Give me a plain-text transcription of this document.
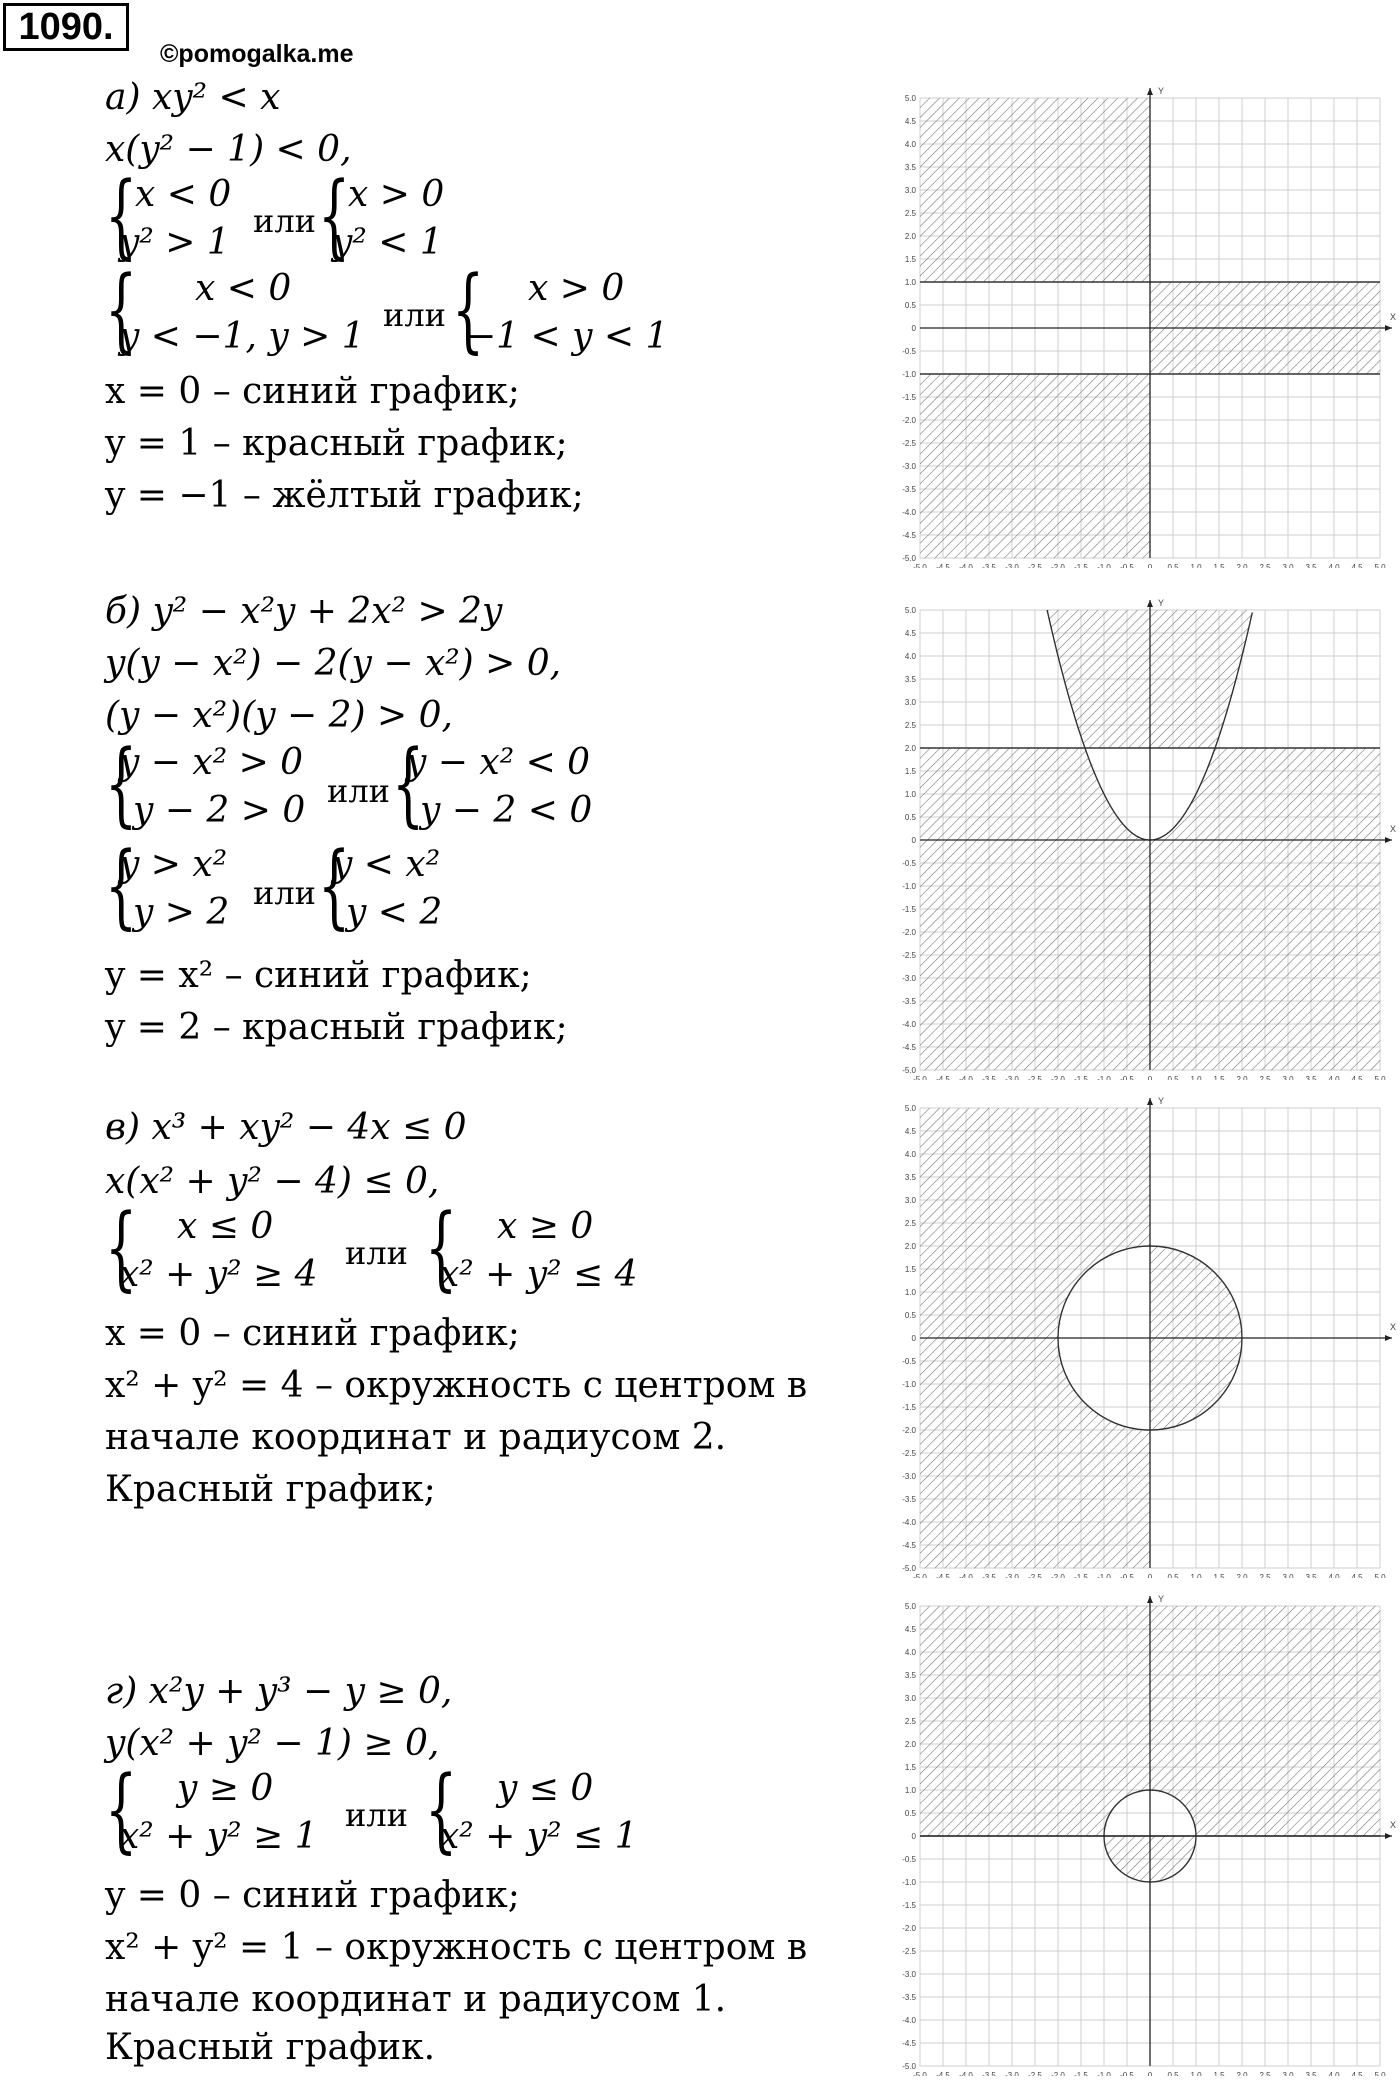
1090.
©pomogalka.me
а) xy² < x
x(y² − 1) < 0,
{
x < 0
y² > 1
или {
x > 0
y² < 1
{ x < 0
y < −1, y > 1
или { x > 0
−1 < y < 1
x = 0 – синий график;
y = 1 – красный график;
y = −1 – жёлтый график;
б) y² − x²y + 2x² > 2y
y(y − x²) − 2(y − x²) > 0,
(y − x²)(y − 2) > 0,
{
y − x² > 0
y − 2 > 0 или {
y − x² < 0
y − 2 < 0
{
y > x²
y > 2 или {
y < x²
y < 2
y = x² – синий график;
y = 2 – красный график;
в) x³ + xy² − 4x ≤ 0
x(x² + y² − 4) ≤ 0,
{ x ≤ 0
x² + y² ≥ 4
или { x ≥ 0
x² + y² ≤ 4
x = 0 – синий график;
x² + y² = 4 – окружность с центром в
начале координат и радиусом 2.
Красный график;
г) x²y + y³ − y ≥ 0,
y(x² + y² − 1) ≥ 0,
{ y ≥ 0
x² + y² ≥ 1
или { y ≤ 0
x² + y² ≤ 1
y = 0 – синий график;
x² + y² = 1 – окружность с центром в
начале координат и радиусом 1.
Красный график.
X
Y
-5.0
-5.0
-4.5
-4.5
-4.0
-4.0
-3.5
-3.5
-3.0
-3.0
-2.5
-2.5
-2.0
-2.0
-1.5
-1.5
-1.0
-1.0
-0.5
-0.5
0
0
0.5
0.5
1.0
1.0
1.5
1.5
2.0
2.0
2.5
2.5
3.0
3.0
3.5
3.5
4.0
4.0
4.5
4.5
5.0
5.0
X
Y
-5.0
-5.0
-4.5
-4.5
-4.0
-4.0
-3.5
-3.5
-3.0
-3.0
-2.5
-2.5
-2.0
-2.0
-1.5
-1.5
-1.0
-1.0
-0.5
-0.5
0
0
0.5
0.5
1.0
1.0
1.5
1.5
2.0
2.0
2.5
2.5
3.0
3.0
3.5
3.5
4.0
4.0
4.5
4.5
5.0
5.0
X
Y
-5.0
-5.0
-4.5
-4.5
-4.0
-4.0
-3.5
-3.5
-3.0
-3.0
-2.5
-2.5
-2.0
-2.0
-1.5
-1.5
-1.0
-1.0
-0.5
-0.5
0
0
0.5
0.5
1.0
1.0
1.5
1.5
2.0
2.0
2.5
2.5
3.0
3.0
3.5
3.5
4.0
4.0
4.5
4.5
5.0
5.0
X
Y
-5.0
-5.0
-4.5
-4.5
-4.0
-4.0
-3.5
-3.5
-3.0
-3.0
-2.5
-2.5
-2.0
-2.0
-1.5
-1.5
-1.0
-1.0
-0.5
-0.5
0
0
0.5
0.5
1.0
1.0
1.5
1.5
2.0
2.0
2.5
2.5
3.0
3.0
3.5
3.5
4.0
4.0
4.5
4.5
5.0
5.0
